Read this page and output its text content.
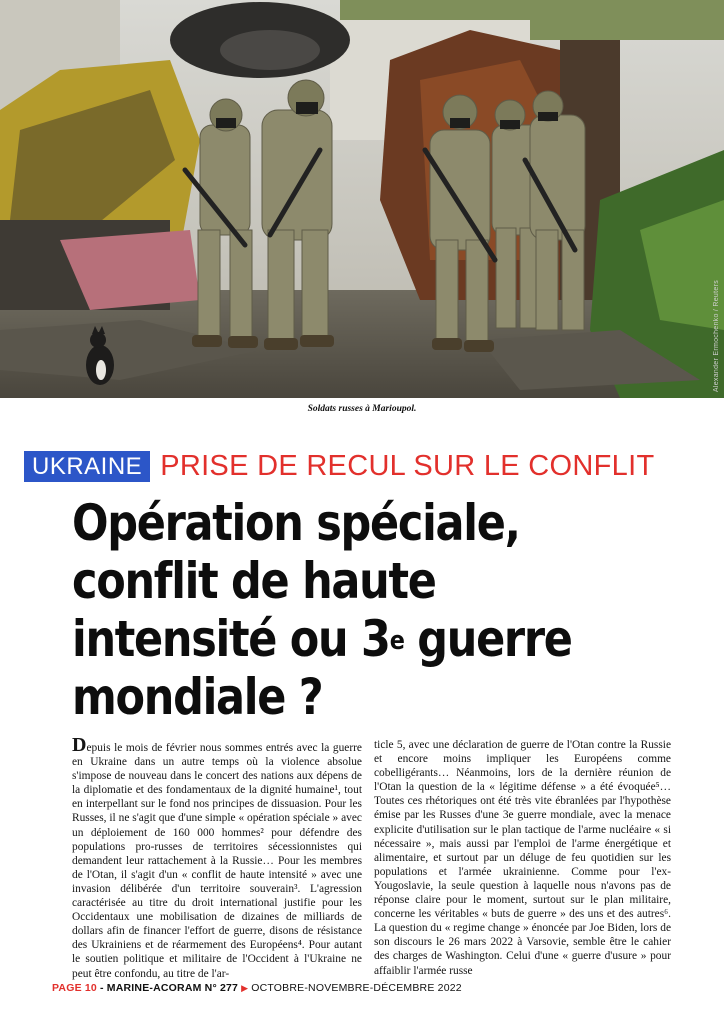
Alexander Ermochenko / Reuters
Soldats russes à Marioupol.
UKRAINE PRISE DE RECUL SUR LE CONFLIT
Opération spéciale,
conflit de haute
intensité ou 3e guerre
mondiale ?

Depuis le mois de février nous sommes entrés avec la guerre en Ukraine dans un autre temps où la violence absolue s'impose de nouveau dans le concert des nations aux dépens de la diplomatie et des fondamentaux de la dignité humaine¹, tout en interpellant sur le fond nos principes de dissuasion. Pour les Russes, il ne s'agit que d'une simple « opération spéciale » avec un déploiement de 160 000 hommes² pour défendre des populations pro-russes de territoires sécessionnistes qui demandent leur rattachement à la Russie… Pour les membres de l'Otan, il s'agit d'un « conflit de haute intensité » avec une invasion délibérée d'un territoire souverain³. L'agression caractérisée au titre du droit international justifie pour les Occidentaux une mobilisation de dizaines de milliards de dollars afin de financer l'effort de guerre, disons de résistance des Ukrainiens et de réarmement des Européens⁴. Pour autant le soutien politique et militaire de l'Occident à l'Ukraine ne peut être confondu, au titre de l'ar-

ticle 5, avec une déclaration de guerre de l'Otan contre la Russie et encore moins impliquer les Européens comme cobelligérants… Néanmoins, lors de la dernière réunion de l'Otan la question de la « légitime défense » a été évoquée⁵… Toutes ces rhétoriques ont été très vite ébranlées par l'hypothèse émise par les Russes d'une 3e guerre mondiale, avec la menace explicite d'utilisation sur le plan tactique de l'arme nucléaire « si nécessaire », mais aussi par l'emploi de l'arme énergétique et alimentaire, et surtout par un déluge de feu quotidien sur les populations et l'armée ukrainienne. Comme pour l'ex-Yougoslavie, la seule question à laquelle nous n'avons pas de réponse claire pour le moment, surtout sur le plan militaire, concerne les véritables « buts de guerre » des uns et des autres⁶. La question du « regime change » énoncée par Joe Biden, lors de son discours le 26 mars 2022 à Varsovie, semble être le cahier des charges de Washington. Celui d'une « guerre d'usure » pour affaiblir l'armée russe

PAGE 10 - MARINE-ACORAM N° 277 ▶ OCTOBRE-NOVEMBRE-DÉCEMBRE 2022
